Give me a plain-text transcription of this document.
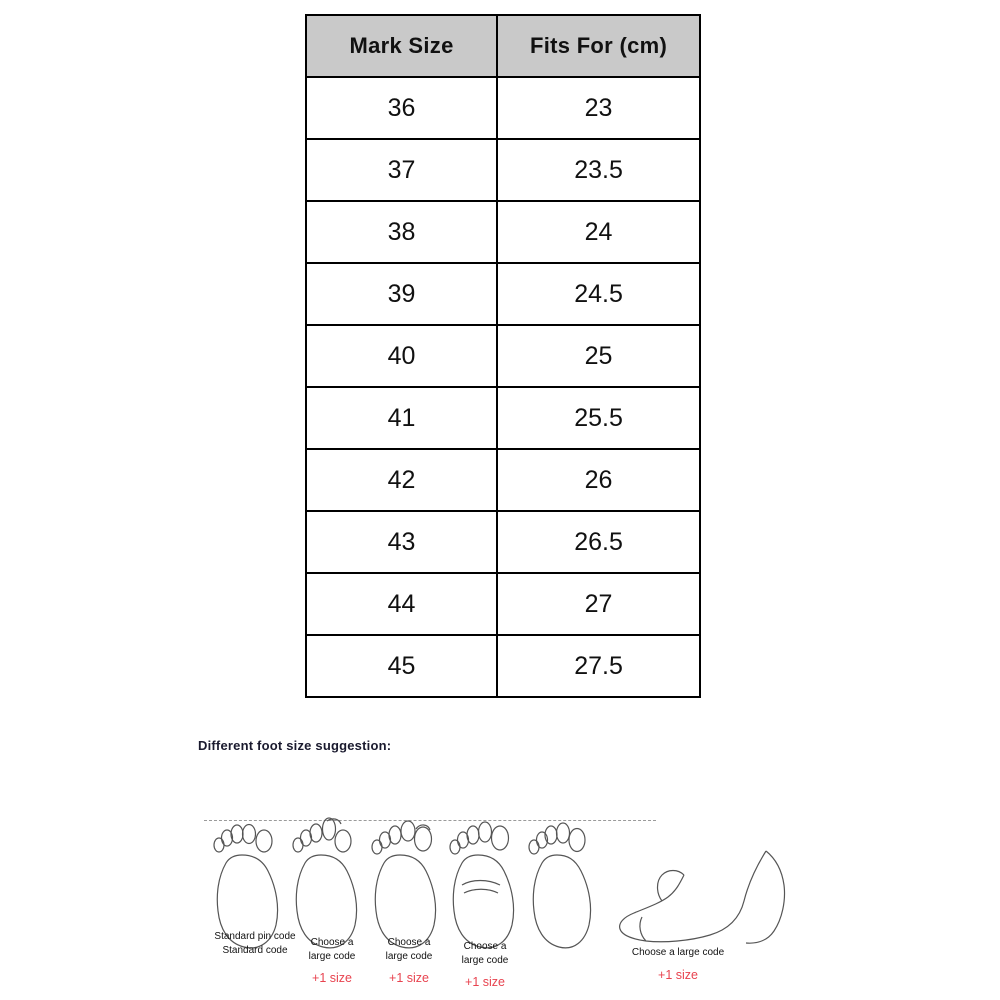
Mark Size	Fits For (cm)
36	23
37	23.5
38	24
39	24.5
40	25
41	25.5
42	26
43	26.5
44	27
45	27.5
Different foot size suggestion:
Standard pin code
Standard code
Choose a
large code
+1 size
Choose a
large code
+1 size
Choose a
large code
+1 size
Choose a large code
+1 size
